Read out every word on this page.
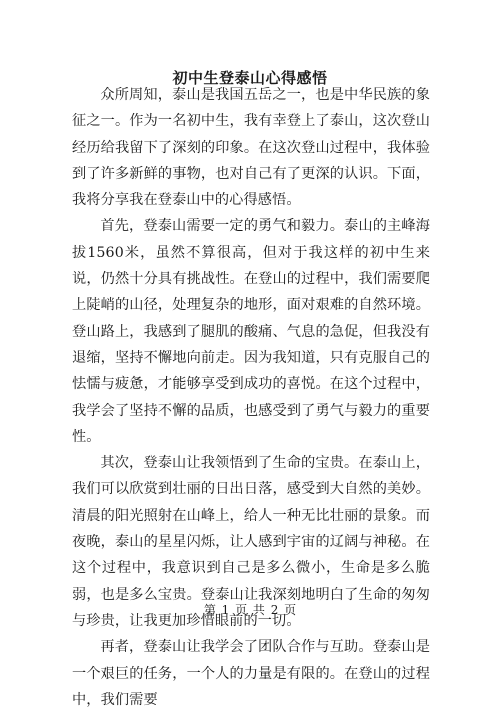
初中生登泰山心得感悟

众所周知，泰山是我国五岳之一，也是中华民族的象征之一。作为一名初中生，我有幸登上了泰山，这次登山经历给我留下了深刻的印象。在这次登山过程中，我体验到了许多新鲜的事物，也对自己有了更深的认识。下面，我将分享我在登泰山中的心得感悟。

首先，登泰山需要一定的勇气和毅力。泰山的主峰海拔1560米，虽然不算很高，但对于我这样的初中生来说，仍然十分具有挑战性。在登山的过程中，我们需要爬上陡峭的山径，处理复杂的地形，面对艰难的自然环境。登山路上，我感到了腿肌的酸痛、气息的急促，但我没有退缩，坚持不懈地向前走。因为我知道，只有克服自己的怯懦与疲惫，才能够享受到成功的喜悦。在这个过程中，我学会了坚持不懈的品质，也感受到了勇气与毅力的重要性。

其次，登泰山让我领悟到了生命的宝贵。在泰山上，我们可以欣赏到壮丽的日出日落，感受到大自然的美妙。清晨的阳光照射在山峰上，给人一种无比壮丽的景象。而夜晚，泰山的星星闪烁，让人感到宇宙的辽阔与神秘。在这个过程中，我意识到自己是多么微小，生命是多么脆弱，也是多么宝贵。登泰山让我深刻地明白了生命的匆匆与珍贵，让我更加珍惜眼前的一切。

再者，登泰山让我学会了团队合作与互助。登泰山是一个艰巨的任务，一个人的力量是有限的。在登山的过程中，我们需要

第 1 页 共 2 页
